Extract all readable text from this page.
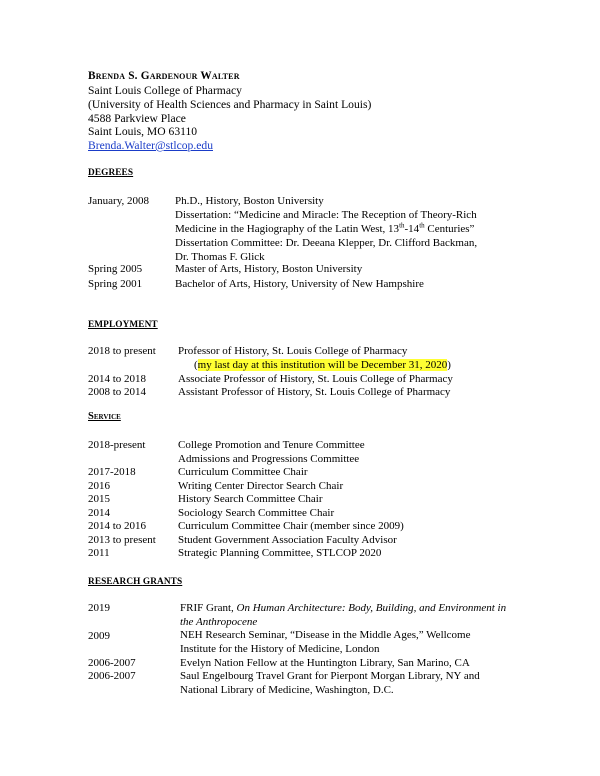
Brenda S. Gardenour Walter
Saint Louis College of Pharmacy
(University of Health Sciences and Pharmacy in Saint Louis)
4588 Parkview Place
Saint Louis, MO 63110
Brenda.Walter@stlcop.edu
DEGREES
January, 2008 Ph.D., History, Boston University
Dissertation: “Medicine and Miracle: The Reception of Theory-Rich
Medicine in the Hagiography of the Latin West, 13th-14th Centuries”
Dissertation Committee: Dr. Deeana Klepper, Dr. Clifford Backman,
Dr. Thomas F. Glick
Spring 2005	Master of Arts, History, Boston University
Spring 2001	Bachelor of Arts, History, University of New Hampshire
EMPLOYMENT
2018 to present Professor of History, St. Louis College of Pharmacy
(my last day at this institution will be December 31, 2020)
2014 to 2018	Associate Professor of History, St. Louis College of Pharmacy
2008 to 2014	Assistant Professor of History, St. Louis College of Pharmacy
Service
2018-present	College Promotion and Tenure Committee
Admissions and Progressions Committee
2017-2018	Curriculum Committee Chair
2016	Writing Center Director Search Chair
2015	History Search Committee Chair
2014	Sociology Search Committee Chair
2014 to 2016	Curriculum Committee Chair (member since 2009)
2013 to present Student Government Association Faculty Advisor
2011	Strategic Planning Committee, STLCOP 2020
RESEARCH GRANTS
2019	FRIF Grant, On Human Architecture: Body, Building, and Environment in
the Anthropocene
2009	NEH Research Seminar, “Disease in the Middle Ages,” Wellcome
Institute for the History of Medicine, London
2006-2007	Evelyn Nation Fellow at the Huntington Library, San Marino, CA
2006-2007	Saul Engelbourg Travel Grant for Pierpont Morgan Library, NY and
National Library of Medicine, Washington, D.C.
